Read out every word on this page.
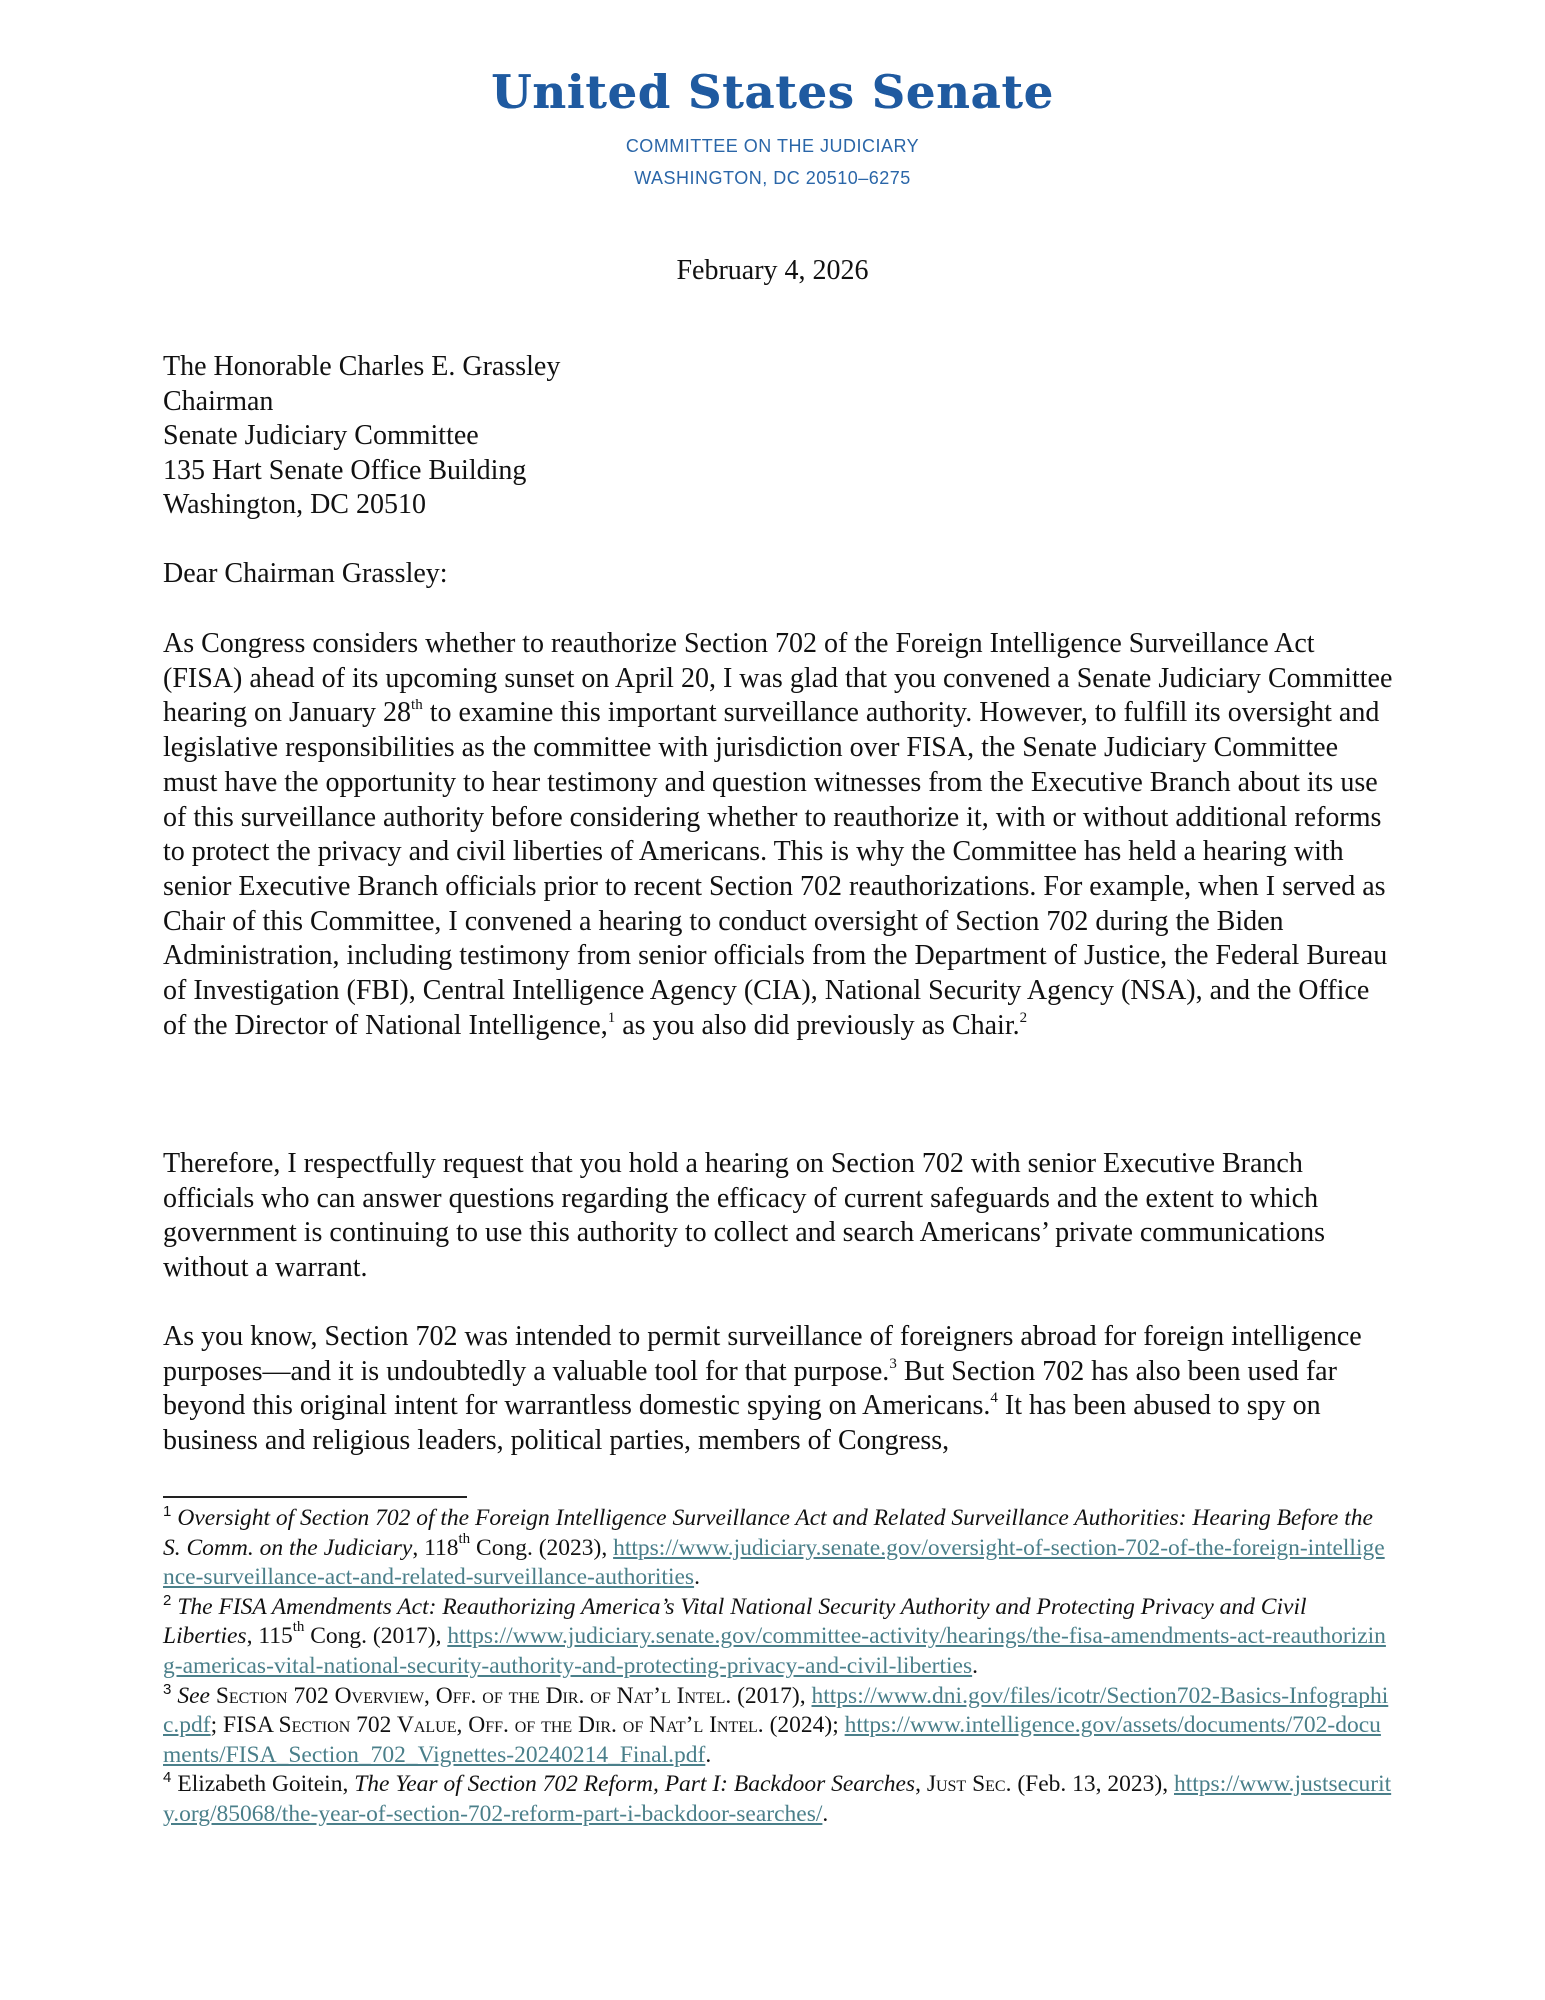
United States Senate
COMMITTEE ON THE JUDICIARY
WASHINGTON, DC 20510–6275
February 4, 2026
The Honorable Charles E. Grassley
Chairman
Senate Judiciary Committee
135 Hart Senate Office Building
Washington, DC 20510
Dear Chairman Grassley:

As Congress considers whether to reauthorize Section 702 of the Foreign Intelligence Surveillance Act (FISA) ahead of its upcoming sunset on April 20, I was glad that you convened a Senate Judiciary Committee hearing on January 28th to examine this important surveillance authority. However, to fulfill its oversight and legislative responsibilities as the committee with jurisdiction over FISA, the Senate Judiciary Committee must have the opportunity to hear testimony and question witnesses from the Executive Branch about its use of this surveillance authority before considering whether to reauthorize it, with or without additional reforms to protect the privacy and civil liberties of Americans. This is why the Committee has held a hearing with senior Executive Branch officials prior to recent Section 702 reauthorizations. For example, when I served as Chair of this Committee, I convened a hearing to conduct oversight of Section 702 during the Biden Administration, including testimony from senior officials from the Department of Justice, the Federal Bureau of Investigation (FBI), Central Intelligence Agency (CIA), National Security Agency (NSA), and the Office of the Director of National Intelligence,$^1$ as you also did previously as Chair.$^2$

Therefore, I respectfully request that you hold a hearing on Section 702 with senior Executive Branch officials who can answer questions regarding the efficacy of current safeguards and the extent to which government is continuing to use this authority to collect and search Americans’ private communications without a warrant.

As you know, Section 702 was intended to permit surveillance of foreigners abroad for foreign intelligence purposes—and it is undoubtedly a valuable tool for that purpose.$^3$ But Section 702 has also been used far beyond this original intent for warrantless domestic spying on Americans.$^4$ It has been abused to spy on business and religious leaders, political parties, members of Congress,

$^1$ Oversight of Section 702 of the Foreign Intelligence Surveillance Act and Related Surveillance Authorities: Hearing Before the S. Comm. on the Judiciary, 118th Cong. (2023), https://www.judiciary.senate.gov/oversight-of-section-702-of-the-foreign-intelligence-surveillance-act-and-related-surveillance-authorities.

$^2$ The FISA Amendments Act: Reauthorizing America’s Vital National Security Authority and Protecting Privacy and Civil Liberties, 115th Cong. (2017), https://www.judiciary.senate.gov/committee-activity/hearings/the-fisa-amendments-act-reauthorizing-americas-vital-national-security-authority-and-protecting-privacy-and-civil-liberties.

$^3$ See Section 702 Overview, Off. of the Dir. of Nat’l Intel. (2017), https://www.dni.gov/files/icotr/Section702-Basics-Infographic.pdf; FISA Section 702 Value, Off. of the Dir. of Nat’l Intel. (2024); https://www.intelligence.gov/assets/documents/702-documents/FISA_Section_702_Vignettes-20240214_Final.pdf.

$^4$ Elizabeth Goitein, The Year of Section 702 Reform, Part I: Backdoor Searches, Just Sec. (Feb. 13, 2023), https://www.justsecurity.org/85068/the-year-of-section-702-reform-part-i-backdoor-searches/.
